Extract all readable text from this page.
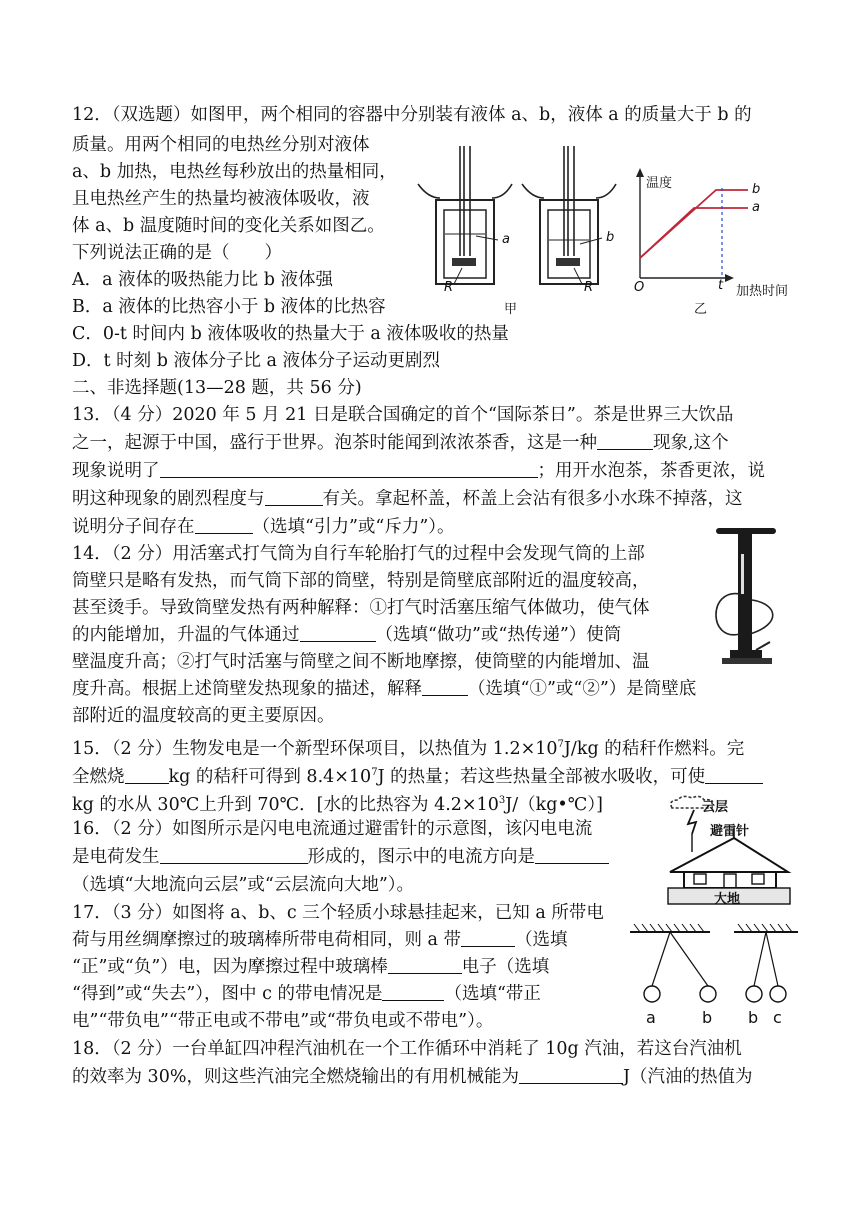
12．（双选题）如图甲，两个相同的容器中分别装有液体 a、b，液体 a 的质量大于 b 的
质量。用两个相同的电热丝分别对液体
a、b 加热，电热丝每秒放出的热量相同，
且电热丝产生的热量均被液体吸收，液
体 a、b 温度随时间的变化关系如图乙。
下列说法正确的是（　　）
A．a 液体的吸热能力比 b 液体强
B．a 液体的比热容小于 b 液体的比热容
C．0-t 时间内 b 液体吸收的热量大于 a 液体吸收的热量
D．t 时刻 b 液体分子比 a 液体分子运动更剧烈
a	b
R	R
甲
温度	b
a
O	t 加热时间
乙
二、非选择题(13—28 题，共 56 分)
13．（4 分）2020 年 5 月 21 日是联合国确定的首个“国际茶日”。茶是世界三大饮品
之一，起源于中国，盛行于世界。泡茶时能闻到浓浓茶香，这是一种	现象,这个
现象说明了	；用开水泡茶，茶香更浓，说
明这种现象的剧烈程度与	有关。拿起杯盖，杯盖上会沾有很多小水珠不掉落，这
说明分子间存在	（选填“引力”或“斥力”）。
14．（2 分）用活塞式打气筒为自行车轮胎打气的过程中会发现气筒的上部
筒壁只是略有发热，而气筒下部的筒壁，特别是筒壁底部附近的温度较高，
甚至烫手。导致筒壁发热有两种解释：①打气时活塞压缩气体做功，使气体
的内能增加，升温的气体通过	（选填“做功”或“热传递”）使筒
壁温度升高；②打气时活塞与筒壁之间不断地摩擦，使筒壁的内能增加、温
度升高。根据上述筒壁发热现象的描述，解释	（选填“①”或“②”）是筒壁底
部附近的温度较高的更主要原因。
15．（2 分）生物发电是一个新型环保项目，以热值为 $1.2\times 10^7J/kg$ 的秸秆作燃料。完
全燃烧	kg 的秸秆可得到 $8.4\times 10^7J$ 的热量；若这些热量全部被水吸收，可使
kg 的水从 30℃上升到 70℃．[水的比热容为 $4.2\times 10^3J/(kg•℃)$]
16．（2 分）如图所示是闪电电流通过避雷针的示意图，该闪电电流
是电荷发生	形成的，图示中的电流方向是
（选填“大地流向云层”或“云层流向大地”）。
云层
避雷针
大地
17．（3 分）如图将 a、b、c 三个轻质小球悬挂起来，已知 a 所带电
荷与用丝绸摩擦过的玻璃棒所带电荷相同，则 a 带	（选填
“正”或“负”）电，因为摩擦过程中玻璃棒	电子（选填
“得到”或“失去”），图中 c 的带电情况是	（选填“带正
电”“带负电”“带正电或不带电”或“带负电或不带电”）。	a	b b c
18．（2 分）一台单缸四冲程汽油机在一个工作循环中消耗了 10g 汽油，若这台汽油机
的效率为 30%，则这些汽油完全燃烧输出的有用机械能为	J（汽油的热值为
